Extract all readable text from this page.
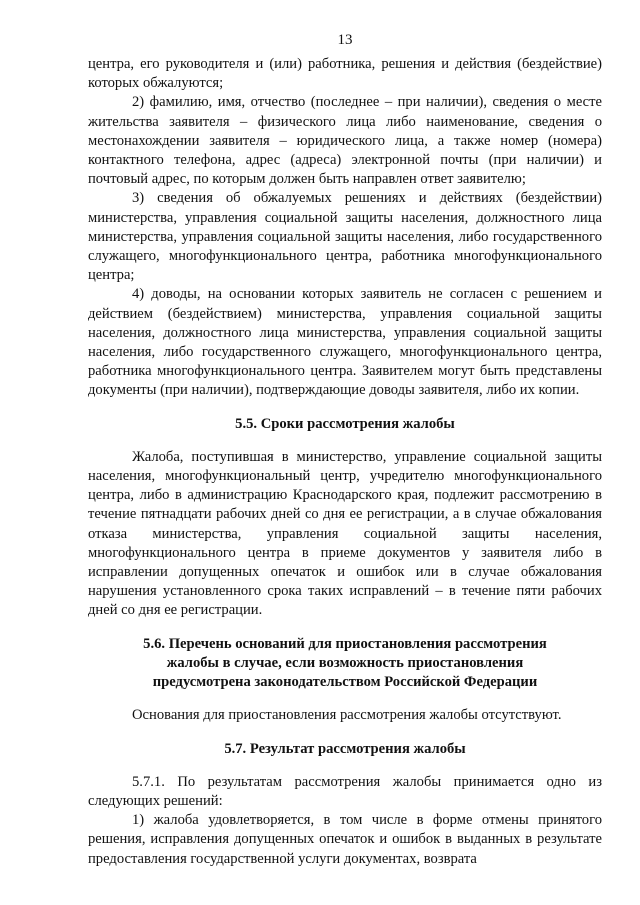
13

центра, его руководителя и (или) работника, решения и действия (бездействие) которых обжалуются;

2) фамилию, имя, отчество (последнее – при наличии), сведения о месте жительства заявителя – физического лица либо наименование, сведения о местонахождении заявителя – юридического лица, а также номер (номера) контактного телефона, адрес (адреса) электронной почты (при наличии) и почтовый адрес, по которым должен быть направлен ответ заявителю;

3) сведения об обжалуемых решениях и действиях (бездействии) министерства, управления социальной защиты населения, должностного лица министерства, управления социальной защиты населения, либо государственного служащего, многофункционального центра, работника многофункционального центра;

4) доводы, на основании которых заявитель не согласен с решением и действием (бездействием) министерства, управления социальной защиты населения, должностного лица министерства, управления социальной защиты населения, либо государственного служащего, многофункционального центра, работника многофункционального центра. Заявителем могут быть представлены документы (при наличии), подтверждающие доводы заявителя, либо их копии.

5.5. Сроки рассмотрения жалобы

Жалоба, поступившая в министерство, управление социальной защиты населения, многофункциональный центр, учредителю многофункционального центра, либо в администрацию Краснодарского края, подлежит рассмотрению в течение пятнадцати рабочих дней со дня ее регистрации, а в случае обжалования отказа министерства, управления социальной защиты населения, многофункционального центра в приеме документов у заявителя либо в исправлении допущенных опечаток и ошибок или в случае обжалования нарушения установленного срока таких исправлений – в течение пяти рабочих дней со дня ее регистрации.

5.6. Перечень оснований для приостановления рассмотрения
жалобы в случае, если возможность приостановления
предусмотрена законодательством Российской Федерации

Основания для приостановления рассмотрения жалобы отсутствуют.

5.7. Результат рассмотрения жалобы

5.7.1. По результатам рассмотрения жалобы принимается одно из следующих решений:

1) жалоба удовлетворяется, в том числе в форме отмены принятого решения, исправления допущенных опечаток и ошибок в выданных в результате предоставления государственной услуги документах, возврата
